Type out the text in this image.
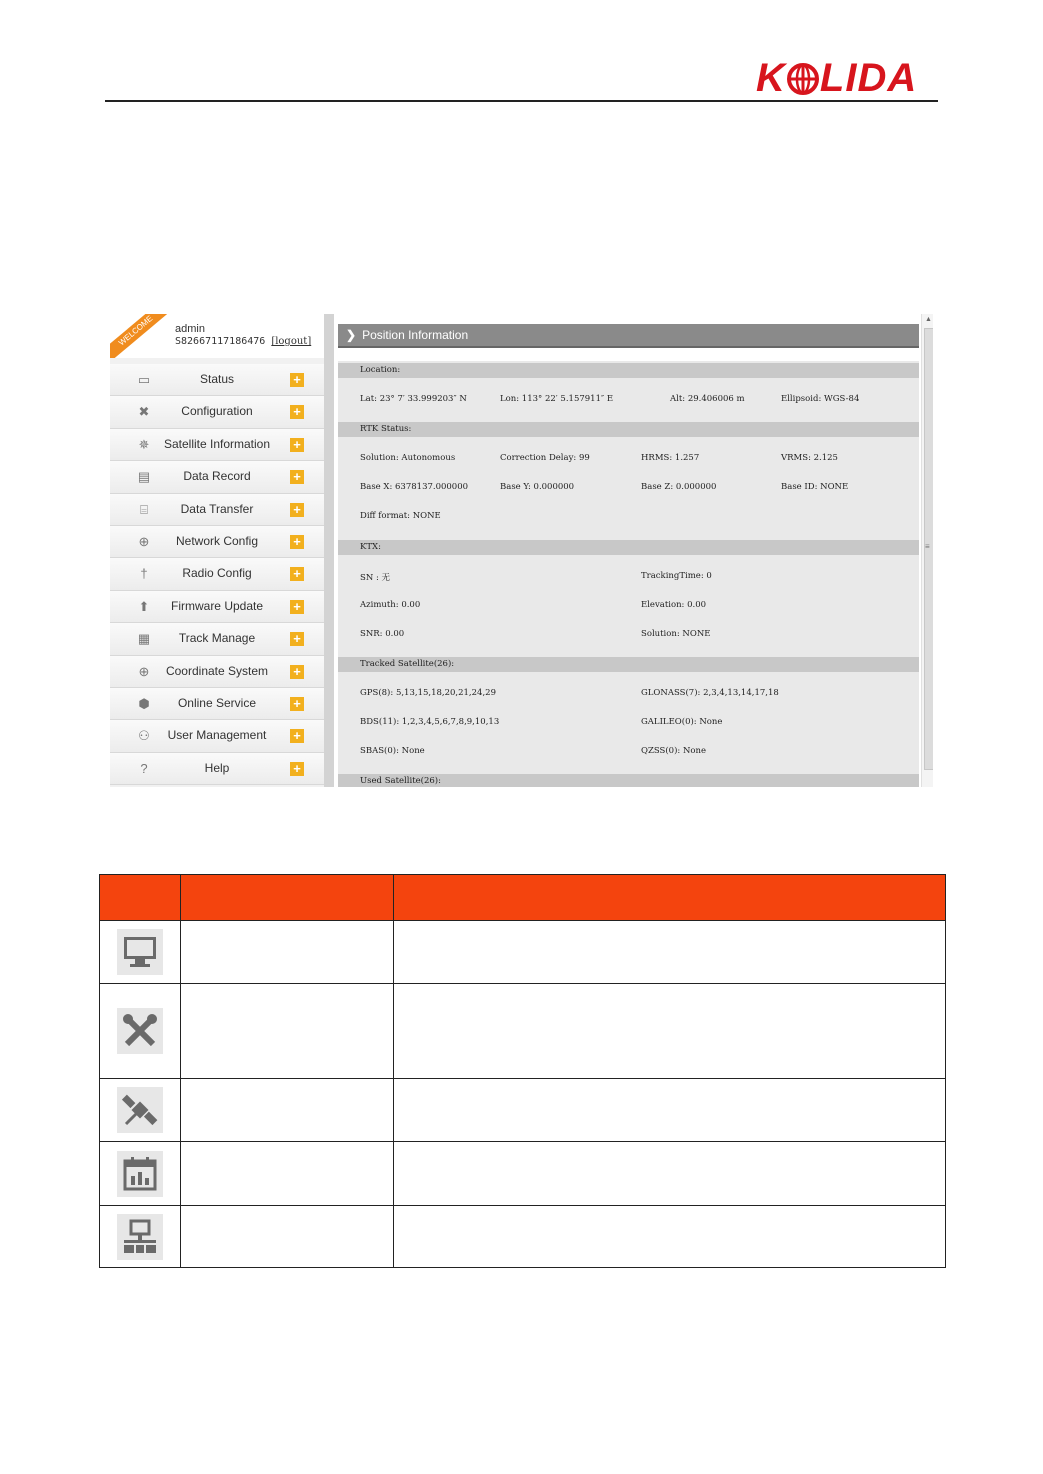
K LIDA
WELCOME	admin
S82667117186476 [logout]
▭	Status	+
✖	Configuration	+
✵	Satellite Information	+
▤	Data Record	+
⌸	Data Transfer	+
⊕	Network Config	+
†	Radio Config	+
⬆	Firmware Update	+
▦	Track Manage	+
⊕	Coordinate System	+
⬢	Online Service	+
⚇	User Management	+
?	Help	+
❯ Position Information
Location:
Lat: 23° 7′ 33.999203″ N	Lon: 113° 22′ 5.157911″ E	Alt: 29.406006 m	Ellipsoid: WGS-84
RTK Status:
Solution: Autonomous	Correction Delay: 99	HRMS: 1.257	VRMS: 2.125
Base X: 6378137.000000	Base Y: 0.000000	Base Z: 0.000000	Base ID: NONE
Diff format: NONE
KTX:
SN : 无	TrackingTime: 0
Azimuth: 0.00	Elevation: 0.00
SNR: 0.00	Solution: NONE
Tracked Satellite(26):
GPS(8): 5,13,15,18,20,21,24,29	GLONASS(7): 2,3,4,13,14,17,18
BDS(11): 1,2,3,4,5,6,7,8,9,10,13	GALILEO(0): None
SBAS(0): None	QZSS(0): None
Used Satellite(26):
▲
≡
